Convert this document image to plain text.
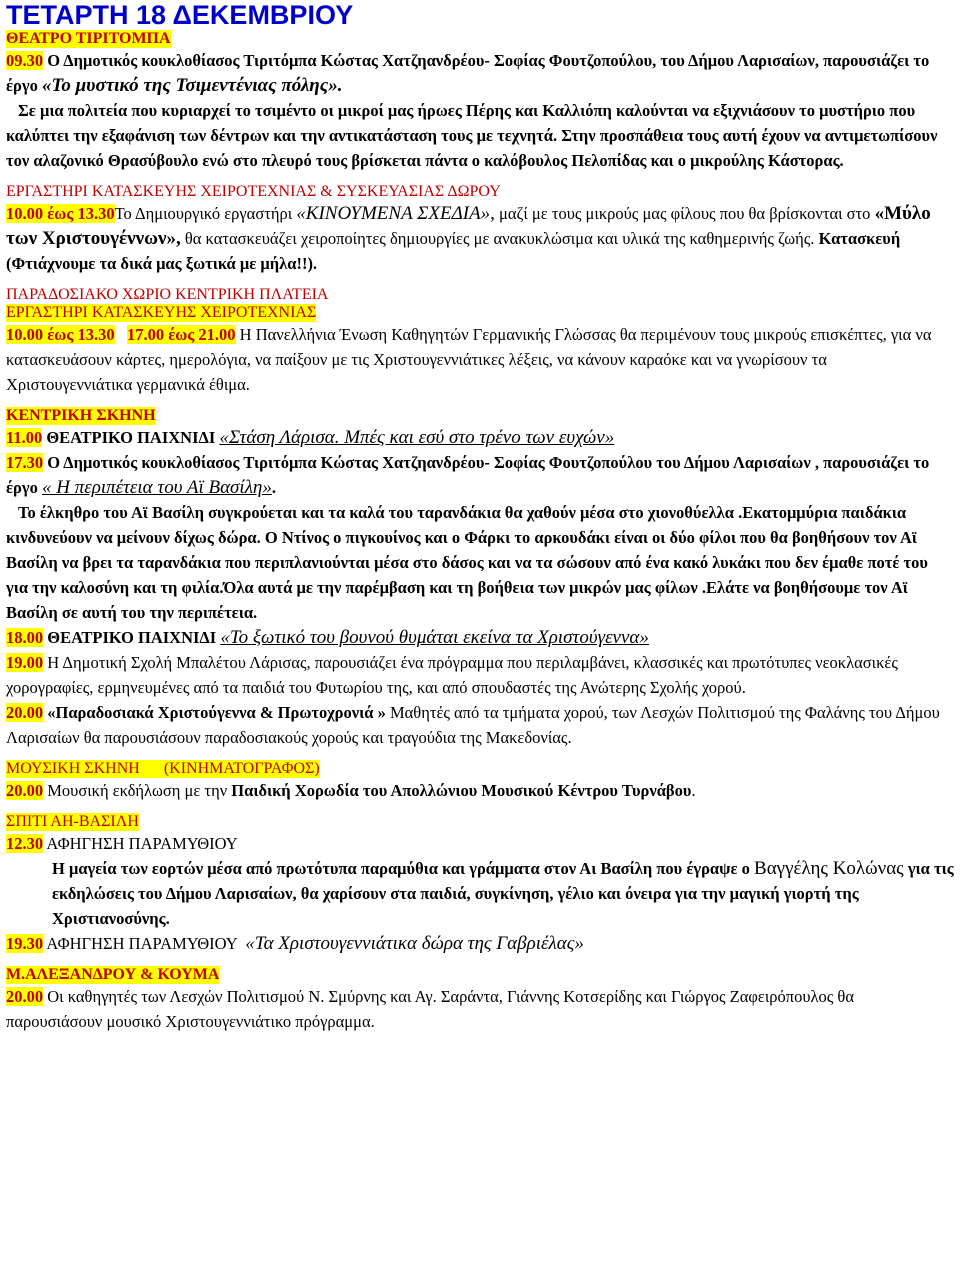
ΤΕΤΑΡΤΗ 18 ΔΕΚΕΜΒΡΙΟΥ
ΘΕΑΤΡΟ ΤΙΡΙΤΟΜΠΑ

09.30 Ο Δημοτικός κουκλοθίασος Τιριτόμπα Κώστας Χατζηανδρέου- Σοφίας Φουτζοπούλου, του Δήμου Λαρισαίων, παρουσιάζει το έργο «Το μυστικό της Τσιμεντένιας πόλης».

Σε μια πολιτεία που κυριαρχεί το τσιμέντο οι μικροί μας ήρωες Πέρης και Καλλιόπη καλούνται να εξιχνιάσουν το μυστήριο που καλύπτει την εξαφάνιση των δέντρων και την αντικατάσταση τους με τεχνητά. Στην προσπάθεια τους αυτή έχουν να αντιμετωπίσουν τον αλαζονικό Θρασύβουλο ενώ στο πλευρό τους βρίσκεται πάντα ο καλόβουλος Πελοπίδας και ο μικρούλης Κάστορας.

ΕΡΓΑΣΤΗΡΙ ΚΑΤΑΣΚΕΥΗΣ ΧΕΙΡΟΤΕΧΝΙΑΣ & ΣΥΣΚΕΥΑΣΙΑΣ ΔΩΡΟΥ

10.00 έως 13.30Το Δημιουργικό εργαστήρι «ΚΙΝΟΥΜΕΝΑ ΣΧΕΔΙΑ», μαζί με τους μικρούς μας φίλους που θα βρίσκονται στο «Μύλο των Χριστουγέννων», θα κατασκευάζει χειροποίητες δημιουργίες με ανακυκλώσιμα και υλικά της καθημερινής ζωής. Κατασκευή (Φτιάχνουμε τα δικά μας ξωτικά με μήλα!!).

ΠΑΡΑΔΟΣΙΑΚΟ ΧΩΡΙΟ ΚΕΝΤΡΙΚΗ ΠΛΑΤΕΙΑ
ΕΡΓΑΣΤΗΡΙ ΚΑΤΑΣΚΕΥΗΣ ΧΕΙΡΟΤΕΧΝΙΑΣ

10.00 έως 13.30 17.00 έως 21.00 Η Πανελλήνια Ένωση Καθηγητών Γερμανικής Γλώσσας θα περιμένουν τους μικρούς επισκέπτες, για να κατασκευάσουν κάρτες, ημερολόγια, να παίξουν με τις Χριστουγεννιάτικες λέξεις, να κάνουν καραόκε και να γνωρίσουν τα Χριστουγεννιάτικα γερμανικά έθιμα.

ΚΕΝΤΡΙΚΗ ΣΚΗΝΗ

11.00 ΘΕΑΤΡΙΚΟ ΠΑΙΧΝΙΔΙ «Στάση Λάρισα. Μπές και εσύ στο τρένο των ευχών»

17.30 Ο Δημοτικός κουκλοθίασος Τιριτόμπα Κώστας Χατζηανδρέου- Σοφίας Φουτζοπούλου του Δήμου Λαρισαίων , παρουσιάζει το έργο « Η περιπέτεια του Αϊ Βασίλη».

Το έλκηθρο του Αϊ Βασίλη συγκρούεται και τα καλά του ταρανδάκια θα χαθούν μέσα στο χιονοθύελλα .Εκατομμύρια παιδάκια κινδυνεύουν να μείνουν δίχως δώρα. Ο Ντίνος ο πιγκουίνος και ο Φάρκι το αρκουδάκι είναι οι δύο φίλοι που θα βοηθήσουν τον Αϊ Βασίλη να βρει τα ταρανδάκια που περιπλανιούνται μέσα στο δάσος και να τα σώσουν από ένα κακό λυκάκι που δεν έμαθε ποτέ του για την καλοσύνη και τη φιλία.Όλα αυτά με την παρέμβαση και τη βοήθεια των μικρών μας φίλων .Ελάτε να βοηθήσουμε τον Αϊ Βασίλη σε αυτή του την περιπέτεια.

18.00 ΘΕΑΤΡΙΚΟ ΠΑΙΧΝΙΔΙ «Το ξωτικό του βουνού θυμάται εκείνα τα Χριστούγεννα»

19.00 Η Δημοτική Σχολή Μπαλέτου Λάρισας, παρουσιάζει ένα πρόγραμμα που περιλαμβάνει, κλασσικές και πρωτότυπες νεοκλασικές χορογραφίες, ερμηνευμένες από τα παιδιά του Φυτωρίου της, και από σπουδαστές της Ανώτερης Σχολής χορού.

20.00 «Παραδοσιακά Χριστούγεννα & Πρωτοχρονιά » Μαθητές από τα τμήματα χορού, των Λεσχών Πολιτισμού της Φαλάνης του Δήμου Λαρισαίων θα παρουσιάσουν παραδοσιακούς χορούς και τραγούδια της Μακεδονίας.

ΜΟΥΣΙΚΗ ΣΚΗΝΗ      (ΚΙΝΗΜΑΤΟΓΡΑΦΟΣ)

20.00 Μουσική εκδήλωση με την Παιδική Χορωδία του Απολλώνιου Μουσικού Κέντρου Τυρνάβου.

ΣΠΙΤΙ ΑΗ-ΒΑΣΙΛΗ

12.30 ΑΦΗΓΗΣΗ ΠΑΡΑΜΥΘΙΟΥ

Η μαγεία των εορτών μέσα από πρωτότυπα παραμύθια και γράμματα στον Αι Βασίλη που έγραψε ο Βαγγέλης Κολώνας για τις εκδηλώσεις του Δήμου Λαρισαίων, θα χαρίσουν στα παιδιά, συγκίνηση, γέλιο και όνειρα για την μαγική γιορτή της Χριστιανοσύνης.

19.30 ΑΦΗΓΗΣΗ ΠΑΡΑΜΥΘΙΟΥ  «Τα Χριστουγεννιάτικα δώρα της Γαβριέλας»

Μ.ΑΛΕΞΑΝΔΡΟΥ & ΚΟΥΜΑ

20.00 Οι καθηγητές των Λεσχών Πολιτισμού Ν. Σμύρνης και Αγ. Σαράντα, Γιάννης Κοτσερίδης και Γιώργος Ζαφειρόπουλος θα παρουσιάσουν μουσικό Χριστουγεννιάτικο πρόγραμμα.
